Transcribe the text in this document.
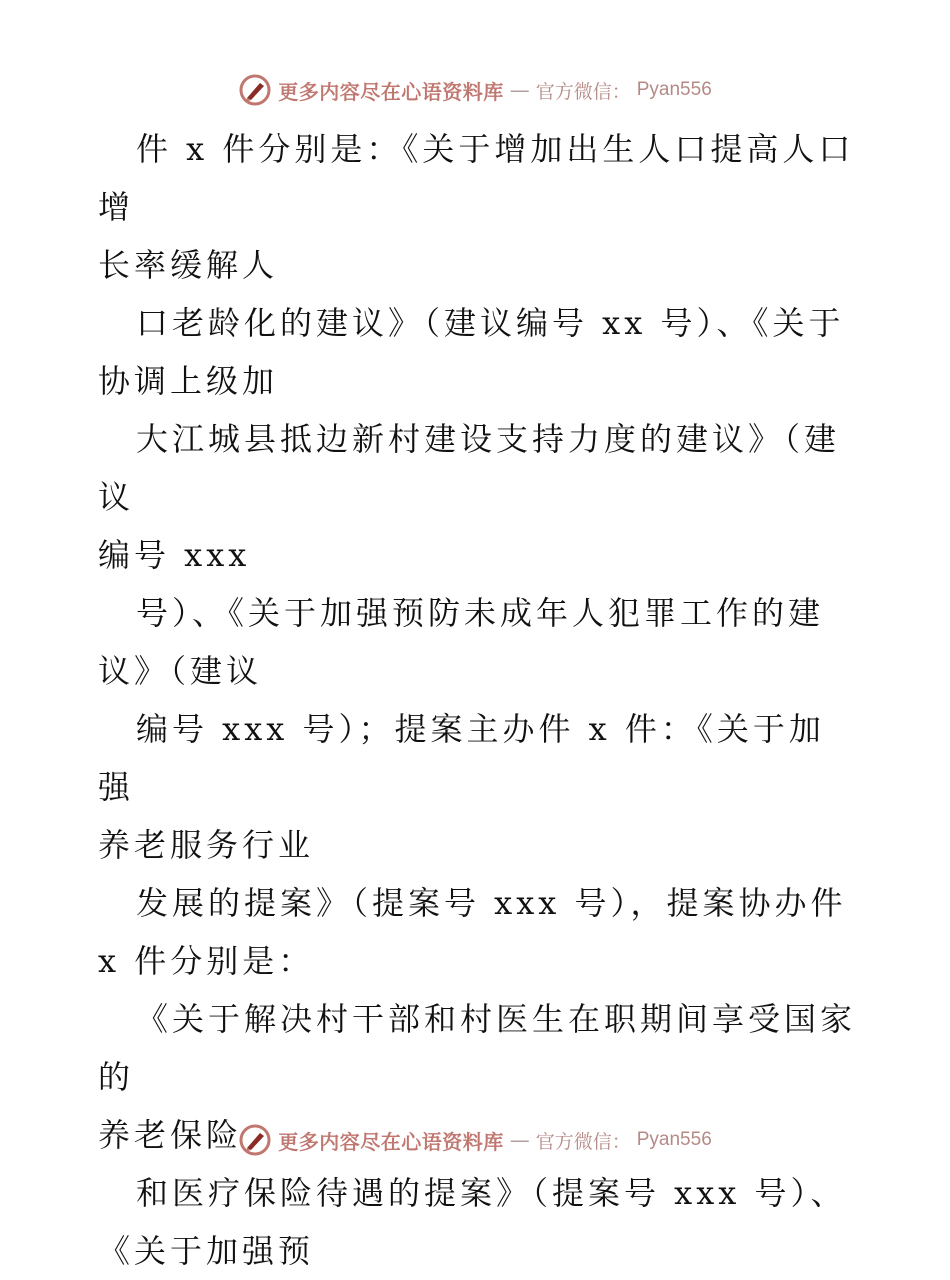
更多内容尽在心语资料库 — 官方微信： Pyan556

件 x 件分别是：《关于增加出生人口提高人口增
长率缓解人

口老龄化的建议》（建议编号 xx 号）、《关于
协调上级加

大江城县抵边新村建设支持力度的建议》（建议
编号 xxx

号）、《关于加强预防未成年人犯罪工作的建
议》（建议

编号 xxx 号）；提案主办件 x 件：《关于加强
养老服务行业

发展的提案》（提案号 xxx 号），提案协办件
x 件分别是：

《关于解决村干部和村医生在职期间享受国家的
养老保险

和医疗保险待遇的提案》（提案号 xxx 号）、
《关于加强预

更多内容尽在心语资料库 — 官方微信： Pyan556
